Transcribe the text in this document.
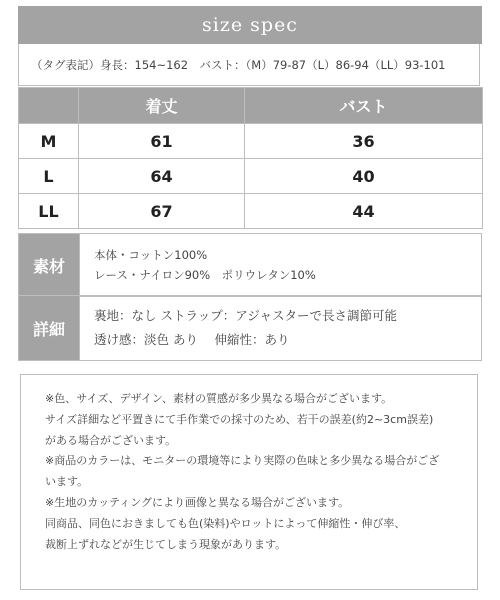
size spec
（タグ表記）身長：154~162　バスト：（M）79-87（L）86-94（LL）93-101
	着丈	バスト
M	61	36
L	64	40
LL	67	44
素材	
本体・コットン100%
レース・ナイロン90%　ポリウレタン10%
詳細	
裏地：なし ストラップ：アジャスターで長さ調節可能
透け感：淡色 あり　 伸縮性：あり

※色、サイズ、デザイン、素材の質感が多少異なる場合がございます。

サイズ詳細など平置きにて手作業での採寸のため、若干の誤差(約2~3cm誤差)

がある場合がございます。

※商品のカラーは、モニターの環境等により実際の色味と多少異なる場合がござ

います。

※生地のカッティングにより画像と異なる場合がございます。

同商品、同色におきましても色(染料)やロットによって伸縮性・伸び率、

裁断上ずれなどが生じてしまう現象があります。
